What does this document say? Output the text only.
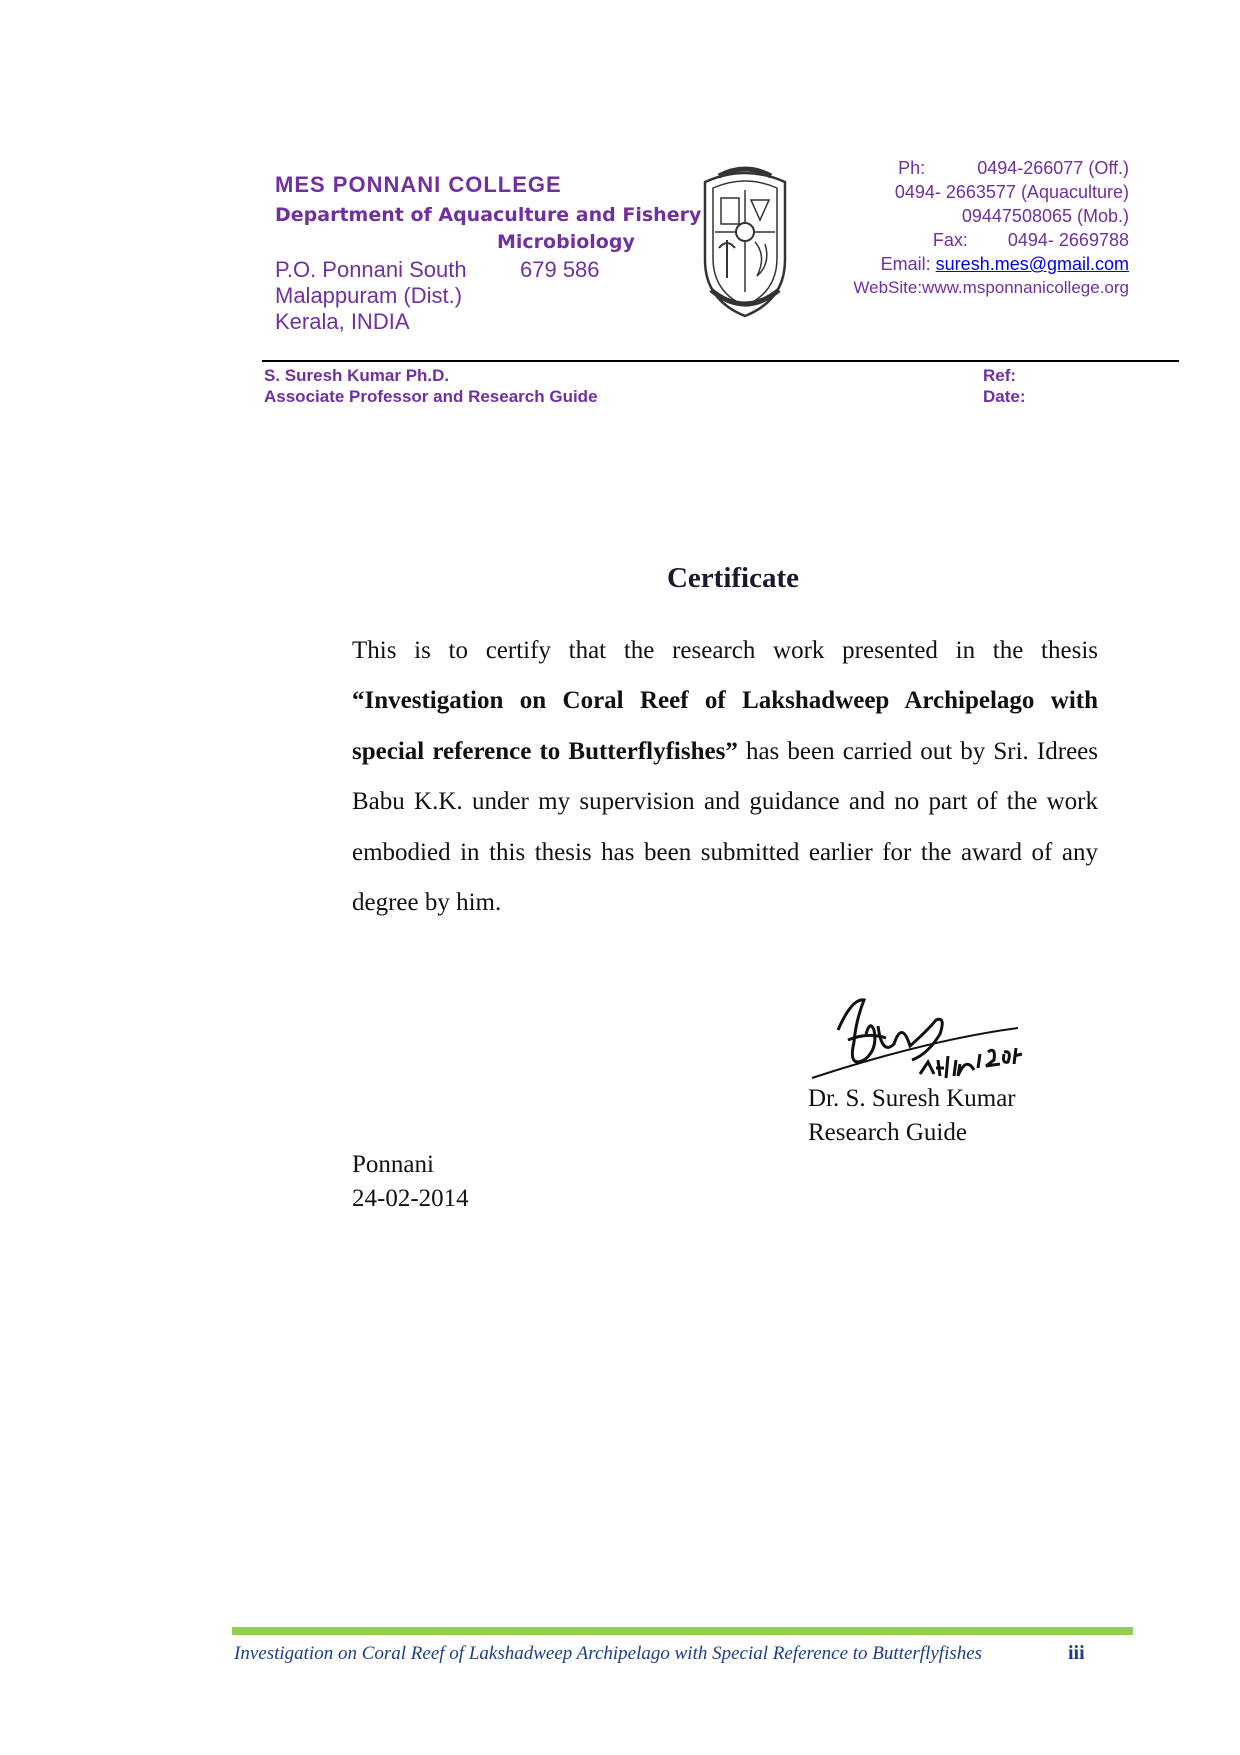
MES PONNANI COLLEGE
Department of Aquaculture and Fishery
Microbiology
P.O. Ponnani South 679 586
Malappuram (Dist.)
Kerala, INDIA
Ph:	0494-266077 (Off.)
0494- 2663577 (Aquaculture)
09447508065 (Mob.)
Fax: 0494- 2669788
Email: suresh.mes@gmail.com
WebSite:www.msponnanicollege.org
S. Suresh Kumar Ph.D.
Associate Professor and Research Guide
Ref:
Date:
Certificate
This is to certify that the research work presented in the thesis “Investigation on Coral Reef of Lakshadweep Archipelago with special reference to Butterflyfishes” has been carried out by Sri. Idrees Babu K.K. under my supervision and guidance and no part of the work embodied in this thesis has been submitted earlier for the award of any degree by him.
Dr. S. Suresh Kumar
Research Guide
Ponnani
24-02-2014
Investigation on Coral Reef of Lakshadweep Archipelago with Special Reference to Butterflyfishes	iii
